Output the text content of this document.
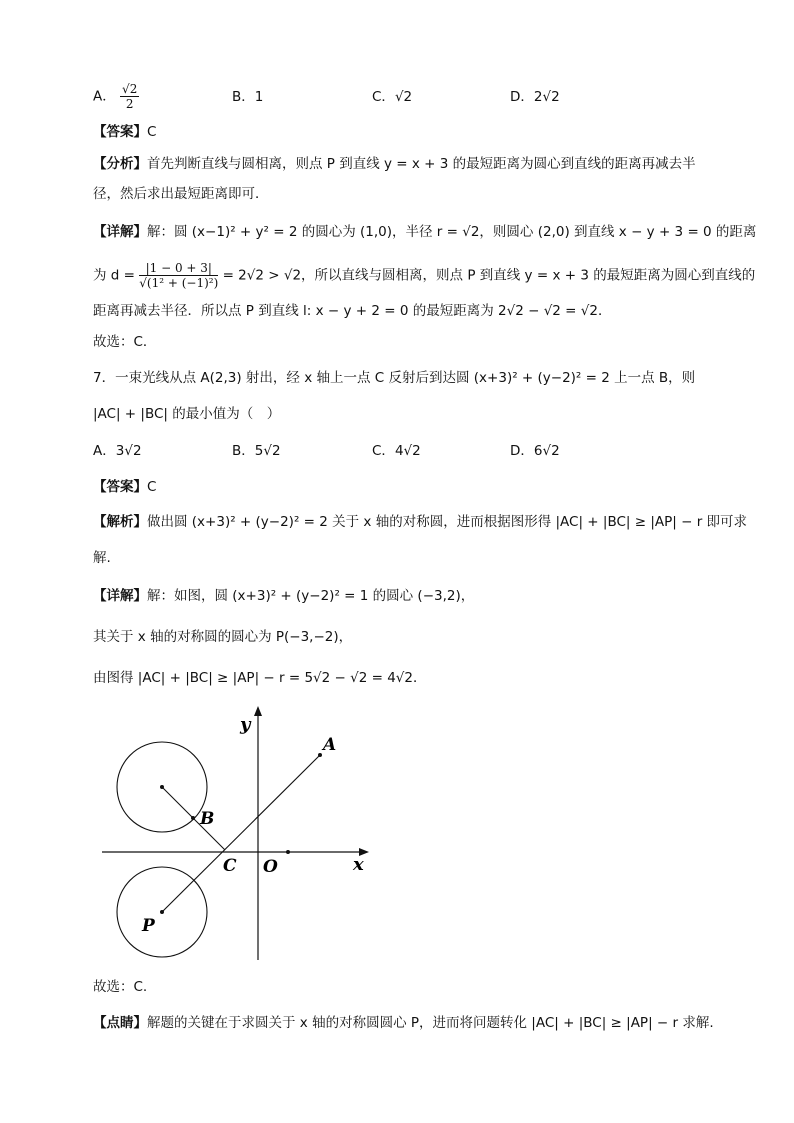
A． $\frac{√2}{2}$	B．1	C．√2	D．2√2
【答案】C
【分析】首先判断直线与圆相离，则点 P 到直线 y = x + 3 的最短距离为圆心到直线的距离再减去半
径，然后求出最短距离即可．
【详解】解：圆 (x−1)² + y² = 2 的圆心为 (1,0)，半径 r = √2，则圆心 (2,0) 到直线 x − y + 3 = 0 的距离
为 $d = \frac{|1 - 0 + 3|}{\text{√(1² + (−1)²)}} = 2√2 > √2$，所以直线与圆相离，则点 P 到直线 y = x + 3 的最短距离为圆心到直线的
距离再减去半径．所以点 P 到直线 l: x − y + 2 = 0 的最短距离为 2√2 − √2 = √2．
故选：C．
7．一束光线从点 A(2,3) 射出，经 x 轴上一点 C 反射后到达圆 (x+3)² + (y−2)² = 2 上一点 B，则
|AC| + |BC| 的最小值为（　）
A．3√2	B．5√2	C．4√2	D．6√2
【答案】C
【解析】做出圆 (x+3)² + (y−2)² = 2 关于 x 轴的对称圆，进而根据图形得 |AC| + |BC| ≥ |AP| − r 即可求
解.
【详解】解：如图，圆 (x+3)² + (y−2)² = 1 的圆心 (−3,2)，
其关于 x 轴的对称圆的圆心为 P(−3,−2)，
由图得 |AC| + |BC| ≥ |AP| − r = 5√2 − √2 = 4√2．
y
x
A
B
C O
P
故选：C.
【点睛】解题的关键在于求圆关于 x 轴的对称圆圆心 P，进而将问题转化 |AC| + |BC| ≥ |AP| − r 求解.
